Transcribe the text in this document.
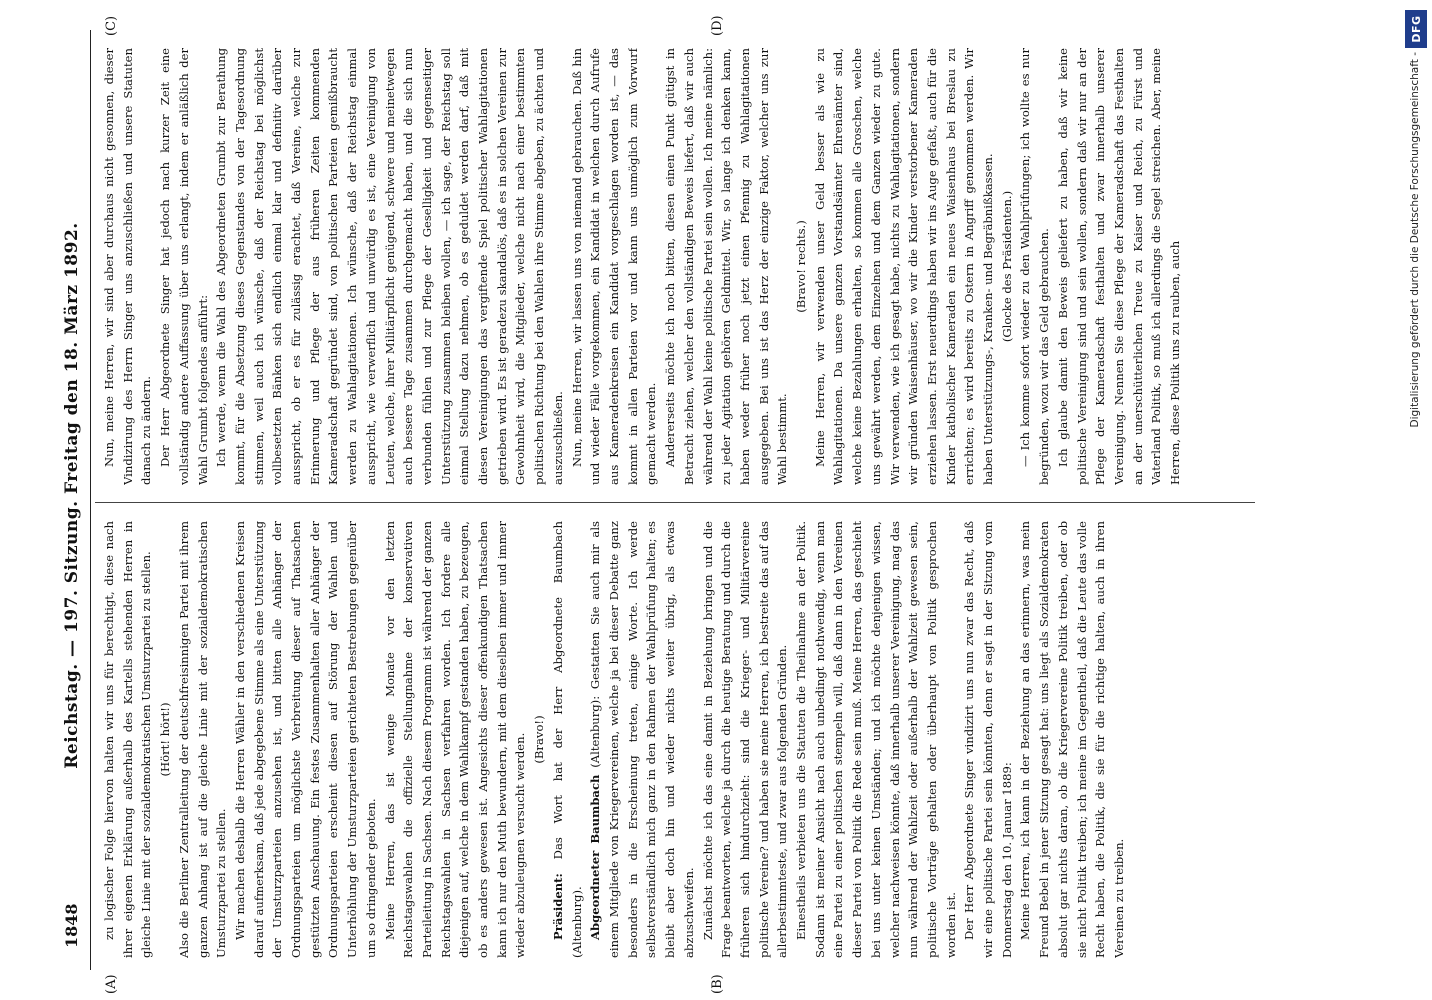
1848
Reichstag. — 197. Sitzung. Freitag den 18. März 1892.
(A)	(B)
(C)	(D)

zu logischer Folge hiervon halten wir uns für berechtigt, diese nach ihrer eigenen Erklärung außerhalb des Kartells stehenden Herren in gleiche Linie mit der sozialdemokratischen Umsturzpartei zu stellen. (Hört! hört!) Also die Berliner Zentralleitung der deutschfreisinnigen Partei mit ihrem ganzen Anhang ist auf die gleiche Linie mit der sozialdemokratischen Umsturzpartei zu stellen. Wir machen deshalb die Herren Wähler in den verschiedenen Kreisen darauf aufmerksam, daß jede abgegebene Stimme als eine Unterstützung der Umsturzparteien anzusehen ist, und bitten alle Anhänger der Ordnungsparteien um möglichste Verbreitung dieser auf Thatsachen gestützten Anschauung. Ein festes Zusammenhalten aller Anhänger der Ordnungsparteien erscheint diesen auf Störung der Wahlen und Unterhöhlung der Umsturzparteien gerichteten Bestrebungen gegenüber um so dringender geboten. Meine Herren, das ist wenige Monate vor den letzten Reichstagswahlen die offizielle Stellungnahme der konservativen Parteileitung in Sachsen. Nach diesem Programm ist während der ganzen Reichstagswahlen in Sachsen verfahren worden. Ich fordere alle diejenigen auf, welche in dem Wahlkampf gestanden haben, zu bezeugen, ob es anders gewesen ist. Angesichts dieser offenkundigen Thatsachen kann ich nur den Muth bewundern, mit dem dieselben immer und immer wieder abzuleugnen versucht werden. (Bravo!)

Präsident: Das Wort hat der Herr Abgeordnete Baumbach (Altenburg). Abgeordneter Baumbach (Altenburg): Gestatten Sie auch mir als einem Mitgliede von Kriegervereinen, welche ja bei dieser Debatte ganz besonders in die Erscheinung treten, einige Worte. Ich werde selbstverständlich mich ganz in den Rahmen der Wahlprüfung halten; es bleibt aber doch hin und wieder nichts weiter übrig, als etwas abzuschweifen. Zunächst möchte ich das eine damit in Beziehung bringen und die Frage beantworten, welche ja durch die heutige Beratung und durch die früheren sich hindurchzieht: sind die Krieger- und Militärvereine politische Vereine? und haben sie meine Herren, ich bestreite das auf das allerbestimmteste, und zwar aus folgenden Gründen. Einestheils verbieten uns die Statuten die Theilnahme an der Politik. Sodann ist meiner Ansicht nach auch unbedingt nothwendig, wenn man eine Partei zu einer politischen stempeln will, daß dann in den Vereinen dieser Partei von Politik die Rede sein muß. Meine Herren, das geschieht bei uns unter keinen Umständen; und ich möchte denjenigen wissen, welcher nachweisen könnte, daß innerhalb unserer Vereinigung, mag das nun während der Wahlzeit oder außerhalb der Wahlzeit gewesen sein, politische Vorträge gehalten oder überhaupt von Politik gesprochen worden ist. Der Herr Abgeordnete Singer vindizirt uns nun zwar das Recht, daß wir eine politische Partei sein könnten, denn er sagt in der Sitzung vom Donnerstag den 10. Januar 1889: Meine Herren, ich kann in der Beziehung an das erinnern, was mein Freund Bebel in jener Sitzung gesagt hat: uns liegt als Sozialdemokraten absolut gar nichts daran, ob die Kriegervereine Politik treiben, oder ob sie nicht Politik treiben; ich meine im Gegentheil, daß die Leute das volle Recht haben, die Politik, die sie für die richtige halten, auch in ihren Vereinen zu treiben.

Nun, meine Herren, wir sind aber durchaus nicht gesonnen, dieser Vindizirung des Herrn Singer uns anzuschließen und unsere Statuten danach zu ändern. Der Herr Abgeordnete Singer hat jedoch nach kurzer Zeit eine vollständig andere Auffassung über uns erlangt, indem er anläßlich der Wahl Grumbt folgendes anführt: Ich werde, wenn die Wahl des Abgeordneten Grumbt zur Berathung kommt, für die Absetzung dieses Gegenstandes von der Tagesordnung stimmen, weil auch ich wünsche, daß der Reichstag bei möglichst vollbesetzten Bänken sich endlich einmal klar und definitiv darüber ausspricht, ob er es für zulässig erachtet, daß Vereine, welche zur Erinnerung und Pflege der aus früheren Zeiten kommenden Kameradschaft gegründet sind, von politischen Parteien gemißbraucht werden zu Wahlagitationen. Ich wünsche, daß der Reichstag einmal ausspricht, wie verwerflich und unwürdig es ist, eine Vereinigung von Leuten, welche, ihrer Militärpflicht genügend, schwere und meinetwegen auch bessere Tage zusammen durchgemacht haben, und die sich nun verbunden fühlen und zur Pflege der Geselligkeit und gegenseitiger Unterstützung zusammen bleiben wollen, — ich sage, der Reichstag soll einmal Stellung dazu nehmen, ob es geduldet werden darf, daß mit diesen Vereinigungen das vergiftende Spiel politischer Wahlagitationen getrieben wird. Es ist geradezu skandalös, daß es in solchen Vereinen zur Gewohnheit wird, die Mitglieder, welche nicht nach einer bestimmten politischen Richtung bei den Wahlen ihre Stimme abgeben, zu ächten und auszuschließen. Nun, meine Herren, wir lassen uns von niemand gebrauchen. Daß hin und wieder Fälle vorgekommen, ein Kandidat in welchen durch Aufrufe aus Kameradenkreisen ein Kandidat vorgeschlagen worden ist, — das kommt in allen Parteien vor und kann uns unmöglich zum Vorwurf gemacht werden. Andererseits möchte ich noch bitten, diesen einen Punkt gütigst in Betracht ziehen, welcher den vollständigen Beweis liefert, daß wir auch während der Wahl keine politische Partei sein wollen. Ich meine nämlich: zu jeder Agitation gehören Geldmittel. Wir, so lange ich denken kann, haben weder früher noch jetzt einen Pfennig zu Wahlagitationen ausgegeben. Bei uns ist das Herz der einzige Faktor, welcher uns zur Wahl bestimmt.

(Bravo! rechts.) Meine Herren, wir verwenden unser Geld besser als wie zu Wahlagitationen. Da unsere ganzen Vorstandsämter Ehrenämter sind, welche keine Bezahlungen erhalten, so kommen alle Groschen, welche uns gewährt werden, dem Einzelnen und dem Ganzen wieder zu gute. Wir verwenden, wie ich gesagt habe, nichts zu Wahlagitationen, sondern wir gründen Waisenhäuser, wo wir die Kinder verstorbener Kameraden erziehen lassen. Erst neuerdings haben wir ins Auge gefaßt, auch für die Kinder katholischer Kameraden ein neues Waisenhaus bei Breslau zu errichten; es wird bereits zu Ostern in Angriff genommen werden. Wir haben Unterstützungs-, Kranken- und Begräbnißkassen. (Glocke des Präsidenten.) — Ich komme sofort wieder zu den Wahlprüfungen; ich wollte es nur begründen, wozu wir das Geld gebrauchen. Ich glaube damit den Beweis geliefert zu haben, daß wir keine politische Vereinigung sind und sein wollen, sondern daß wir nur an der Pflege der Kameradschaft festhalten und zwar innerhalb unserer Vereinigung. Nennen Sie diese Pflege der Kameradschaft das Festhalten an der unerschütterlichen Treue zu Kaiser und Reich, zu Fürst und Vaterland Politik, so muß ich allerdings die Segel streichen. Aber, meine Herren, diese Politik uns zu rauben, auch	Digitalisierung gefördert durch die Deutsche Forschungsgemeinschaft -
DFG
